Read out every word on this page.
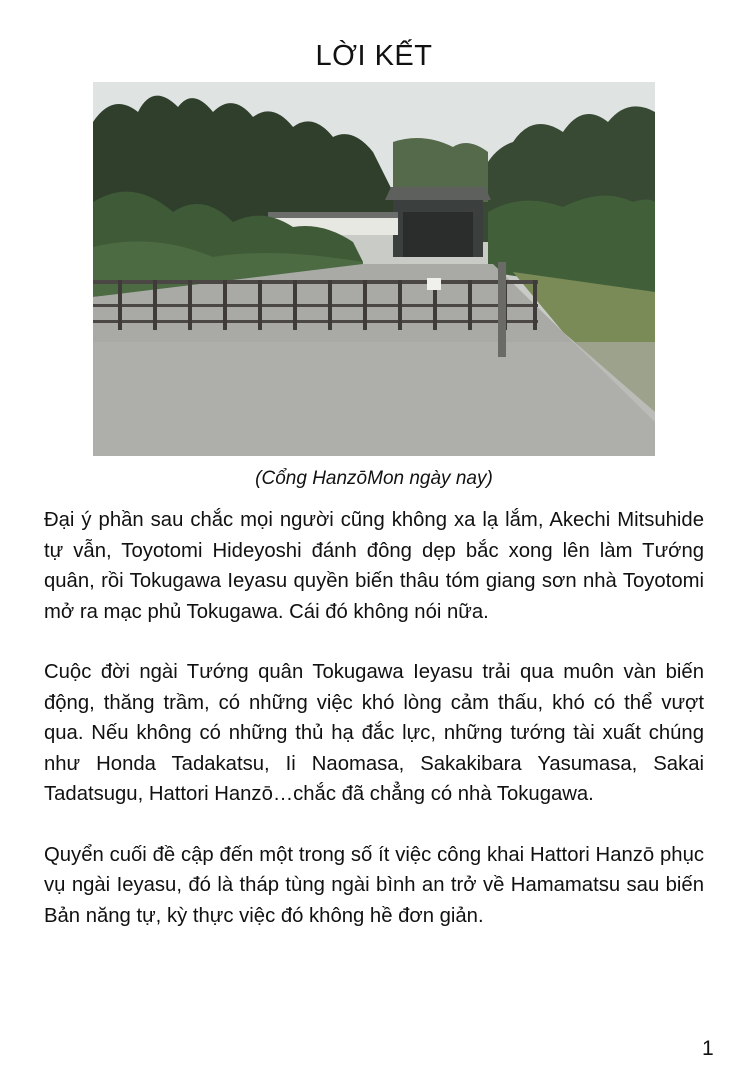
LỜI KẾT
(Cổng HanzōMon ngày nay)

Đại ý phần sau chắc mọi người cũng không xa lạ lắm, Akechi Mitsuhide tự vẫn, Toyotomi Hideyoshi đánh đông dẹp bắc xong lên làm Tướng quân, rồi Tokugawa Ieyasu quyền biến thâu tóm giang sơn nhà Toyotomi mở ra mạc phủ Tokugawa. Cái đó không nói nữa.

Cuộc đời ngài Tướng quân Tokugawa Ieyasu trải qua muôn vàn biến động, thăng trầm, có những việc khó lòng cảm thấu, khó có thể vượt qua. Nếu không có những thủ hạ đắc lực, những tướng tài xuất chúng như Honda Tadakatsu, Ii Naomasa, Sakakibara Yasumasa, Sakai Tadatsugu, Hattori Hanzō…chắc đã chẳng có nhà Tokugawa.

Quyển cuối đề cập đến một trong số ít việc công khai Hattori Hanzō phục vụ ngài Ieyasu, đó là tháp tùng ngài bình an trở về Hamamatsu sau biến Bản năng tự, kỳ thực việc đó không hề đơn giản.

1
